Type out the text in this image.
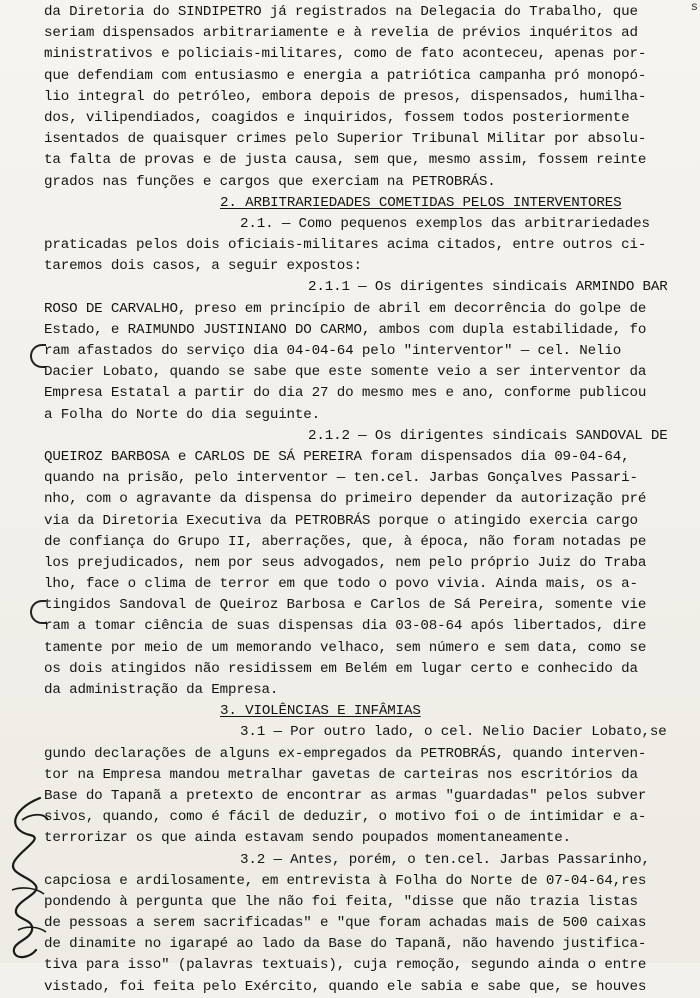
s
da Diretoria do SINDIPETRO já registrados na Delegacia do Trabalho, que
seriam dispensados arbitrariamente e à revelia de prévios inquéritos ad
ministrativos e policiais-militares, como de fato aconteceu, apenas por-
que defendiam com entusiasmo e energia a patriótica campanha pró monopó-
lio integral do petróleo, embora depois de presos, dispensados, humilha-
dos, vilipendiados, coagidos e inquiridos, fossem todos posteriormente
isentados de quaisquer crimes pelo Superior Tribunal Militar por absolu-
ta falta de provas e de justa causa, sem que, mesmo assim, fossem reinte
grados nas funções e cargos que exerciam na PETROBRÁS.
2. ARBITRARIEDADES COMETIDAS PELOS INTERVENTORES
2.1. — Como pequenos exemplos das arbitrariedades
praticadas pelos dois oficiais-militares acima citados, entre outros ci-
taremos dois casos, a seguir expostos:
2.1.1 — Os dirigentes sindicais ARMINDO BAR
ROSO DE CARVALHO, preso em princípio de abril em decorrência do golpe de
Estado, e RAIMUNDO JUSTINIANO DO CARMO, ambos com dupla estabilidade, fo
ram afastados do serviço dia 04-04-64 pelo "interventor" — cel. Nelio
Dacier Lobato, quando se sabe que este somente veio a ser interventor da
Empresa Estatal a partir do dia 27 do mesmo mes e ano, conforme publicou
a Folha do Norte do dia seguinte.
2.1.2 — Os dirigentes sindicais SANDOVAL DE
QUEIROZ BARBOSA e CARLOS DE SÁ PEREIRA foram dispensados dia 09-04-64,
quando na prisão, pelo interventor — ten.cel. Jarbas Gonçalves Passari-
nho, com o agravante da dispensa do primeiro depender da autorização pré
via da Diretoria Executiva da PETROBRÁS porque o atingido exercia cargo
de confiança do Grupo II, aberrações, que, à época, não foram notadas pe
los prejudicados, nem por seus advogados, nem pelo próprio Juiz do Traba
lho, face o clima de terror em que todo o povo vivia. Ainda mais, os a-
tingidos Sandoval de Queiroz Barbosa e Carlos de Sá Pereira, somente vie
ram a tomar ciência de suas dispensas dia 03-08-64 após libertados, dire
tamente por meio de um memorando velhaco, sem número e sem data, como se
os dois atingidos não residissem em Belém em lugar certo e conhecido da
da administração da Empresa.
3. VIOLÊNCIAS E INFÂMIAS
3.1 — Por outro lado, o cel. Nelio Dacier Lobato,se
gundo declarações de alguns ex-empregados da PETROBRÁS, quando interven-
tor na Empresa mandou metralhar gavetas de carteiras nos escritórios da
Base do Tapanã a pretexto de encontrar as armas "guardadas" pelos subver
sivos, quando, como é fácil de deduzir, o motivo foi o de intimidar e a-
terrorizar os que ainda estavam sendo poupados momentaneamente.
3.2 — Antes, porém, o ten.cel. Jarbas Passarinho,
capciosa e ardilosamente, em entrevista à Folha do Norte de 07-04-64,res
pondendo à pergunta que lhe não foi feita, "disse que não trazia listas
de pessoas a serem sacrificadas" e "que foram achadas mais de 500 caixas
de dinamite no igarapé ao lado da Base do Tapanã, não havendo justifica-
tiva para isso" (palavras textuais), cuja remoção, segundo ainda o entre
vistado, foi feita pelo Exército, quando ele sabia e sabe que, se houves
